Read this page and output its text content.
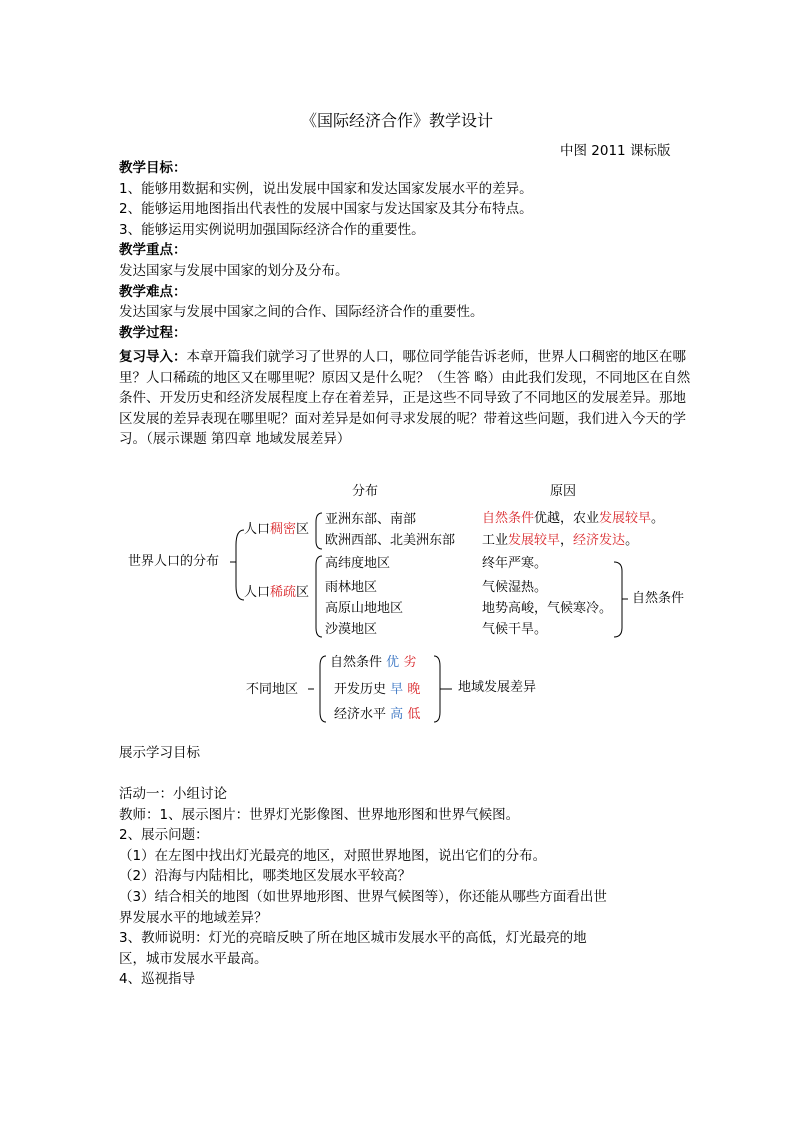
《国际经济合作》教学设计
中图 2011 课标版
教学目标：
1、能够用数据和实例，说出发展中国家和发达国家发展水平的差异。
2、能够运用地图指出代表性的发展中国家与发达国家及其分布特点。
3、能够运用实例说明加强国际经济合作的重要性。
教学重点：
发达国家与发展中国家的划分及分布。
教学难点：
发达国家与发展中国家之间的合作、国际经济合作的重要性。
教学过程：
复习导入：本章开篇我们就学习了世界的人口，哪位同学能告诉老师，世界人口稠密的地区在哪里？人口稀疏的地区又在哪里呢？原因又是什么呢？（生答 略）由此我们发现，不同地区在自然条件、开发历史和经济发展程度上存在着差异，正是这些不同导致了不同地区的发展差异。那地区发展的差异表现在哪里呢？面对差异是如何寻求发展的呢？带着这些问题，我们进入今天的学习。（展示课题 第四章 地域发展差异）
分布	原因
世界人口的分布
人口稠密区
人口稀疏区
亚洲东部、南部
欧洲西部、北美洲东部
自然条件优越，农业发展较早。
工业发展较早，经济发达。
高纬度地区
雨林地区
高原山地地区
沙漠地区
终年严寒。
气候湿热。
地势高峻，气候寒冷。
气候干旱。
自然条件
不同地区
自然条件 优 劣
开发历史 早 晚
经济水平 高 低
地域发展差异
展示学习目标
活动一：小组讨论
教师：1、展示图片：世界灯光影像图、世界地形图和世界气候图。
2、展示问题：
（1）在左图中找出灯光最亮的地区，对照世界地图，说出它们的分布。
（2）沿海与内陆相比，哪类地区发展水平较高？
（3）结合相关的地图（如世界地形图、世界气候图等），你还能从哪些方面看出世界发展水平的地域差异？
3、教师说明：灯光的亮暗反映了所在地区城市发展水平的高低，灯光最亮的地区，城市发展水平最高。
4、巡视指导
